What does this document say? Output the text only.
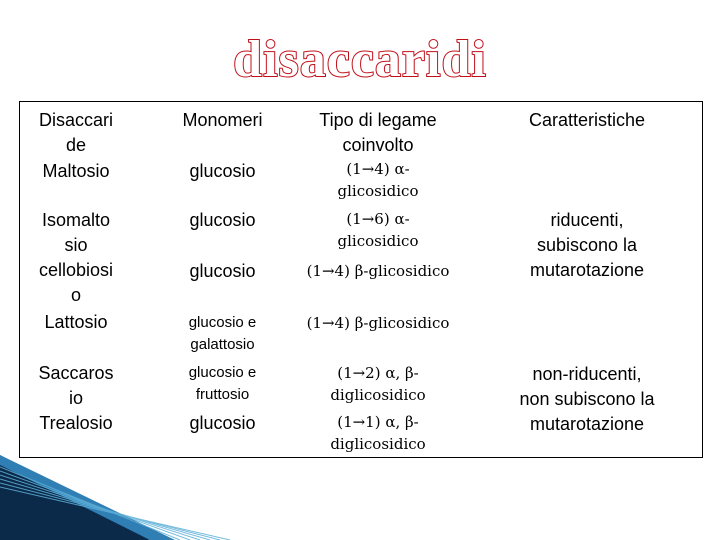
disaccaridi
Disaccari
de
Monomeri	Tipo di legame
coinvolto
Caratteristiche
Maltosio
Isomalto
sio
cellobiosi
o
Lattosio
Saccaros
io
Trealosio
glucosio
glucosio
glucosio
glucosio e
galattosio
glucosio e
fruttosio
glucosio
(1→4) α-
glicosidico
(1→6) α-
glicosidico
(1→4) β-glicosidico
(1→4) β-glicosidico
(1→2) α, β-
diglicosidico
(1→1) α, β-
diglicosidico
riducenti,
subiscono la
mutarotazione
non-riducenti,
non subiscono la
mutarotazione
